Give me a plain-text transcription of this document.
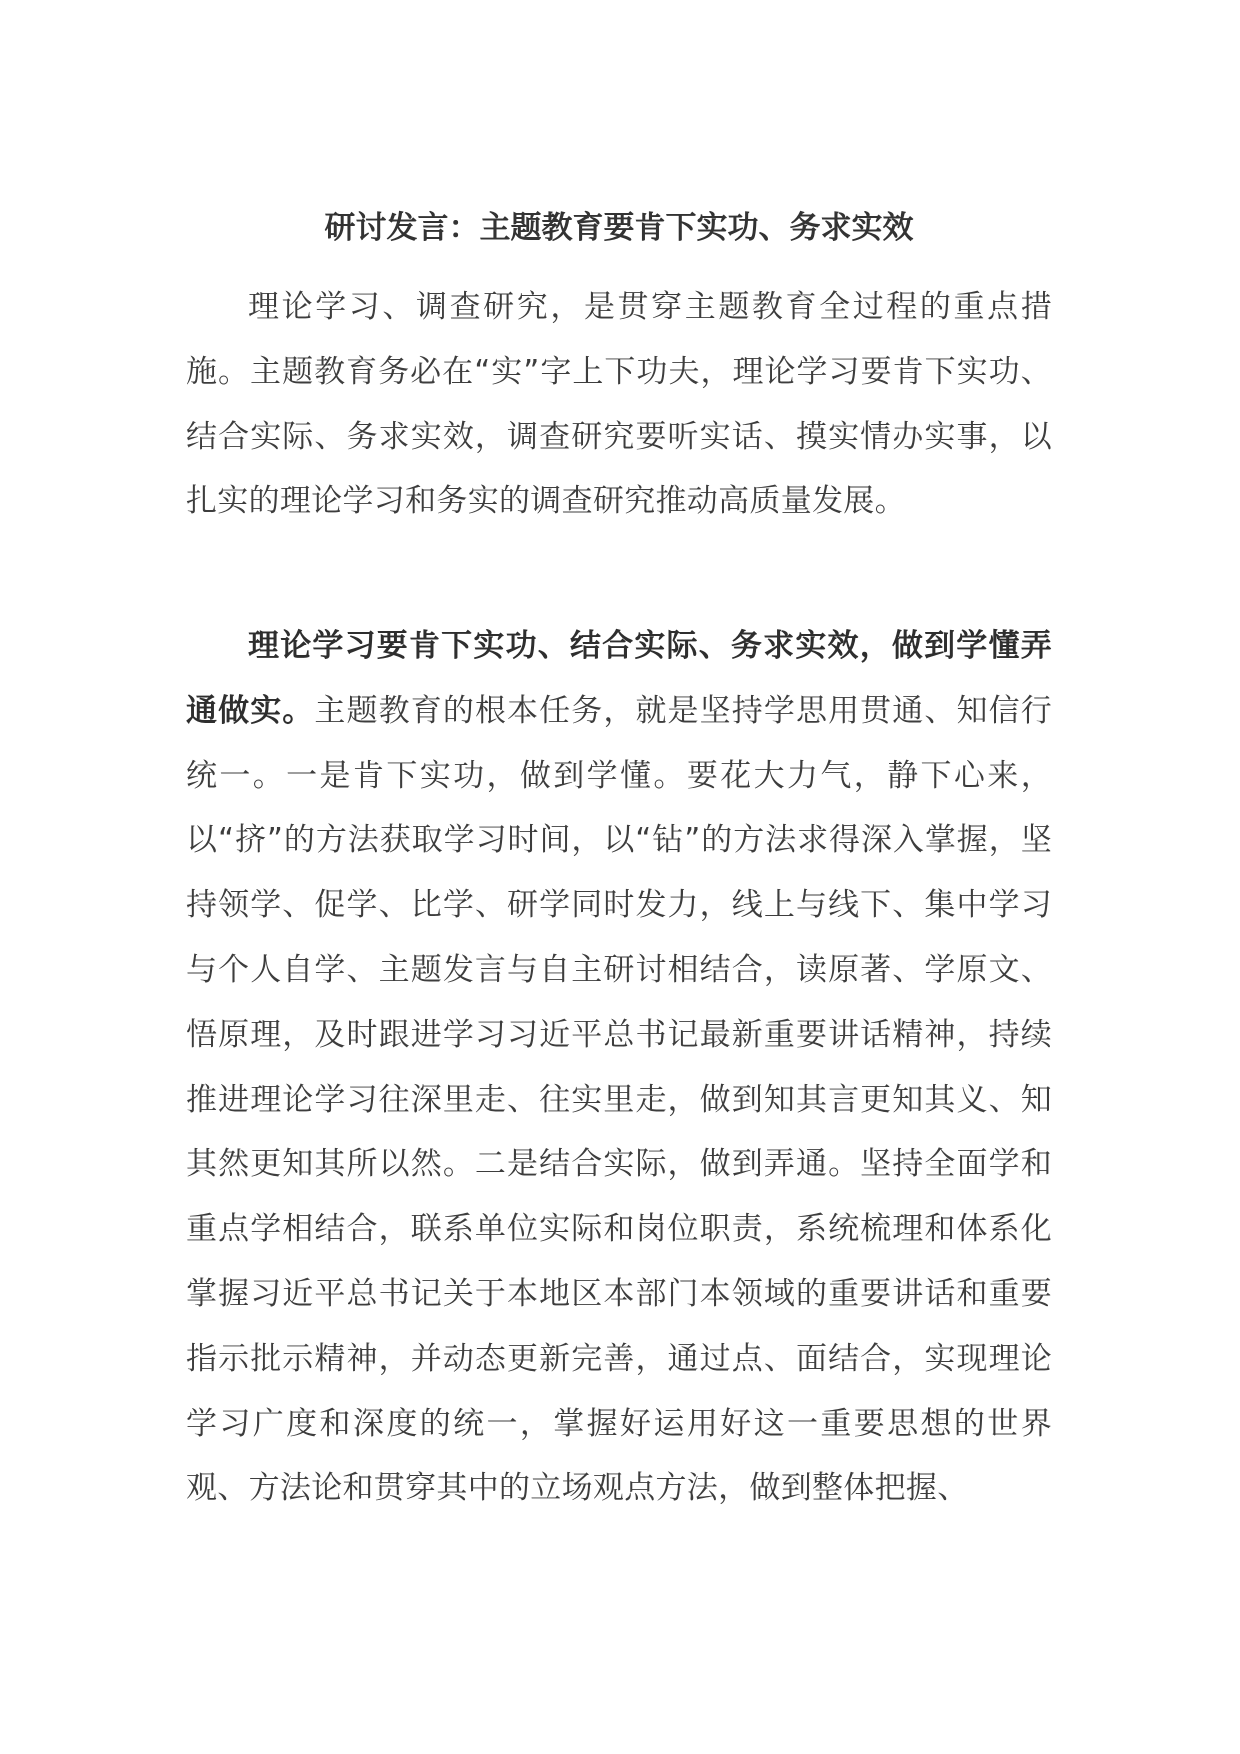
研讨发言：主题教育要肯下实功、务求实效

理论学习、调查研究，是贯穿主题教育全过程的重点措施。主题教育务必在“实”字上下功夫，理论学习要肯下实功、结合实际、务求实效，调查研究要听实话、摸实情办实事，以扎实的理论学习和务实的调查研究推动高质量发展。

理论学习要肯下实功、结合实际、务求实效，做到学懂弄通做实。主题教育的根本任务，就是坚持学思用贯通、知信行统一。一是肯下实功，做到学懂。要花大力气，静下心来，以“挤”的方法获取学习时间，以“钻”的方法求得深入掌握，坚持领学、促学、比学、研学同时发力，线上与线下、集中学习与个人自学、主题发言与自主研讨相结合，读原著、学原文、悟原理，及时跟进学习习近平总书记最新重要讲话精神，持续推进理论学习往深里走、往实里走，做到知其言更知其义、知其然更知其所以然。二是结合实际，做到弄通。坚持全面学和重点学相结合，联系单位实际和岗位职责，系统梳理和体系化掌握习近平总书记关于本地区本部门本领域的重要讲话和重要指示批示精神，并动态更新完善，通过点、面结合，实现理论学习广度和深度的统一，掌握好运用好这一重要思想的世界观、方法论和贯穿其中的立场观点方法，做到整体把握、
